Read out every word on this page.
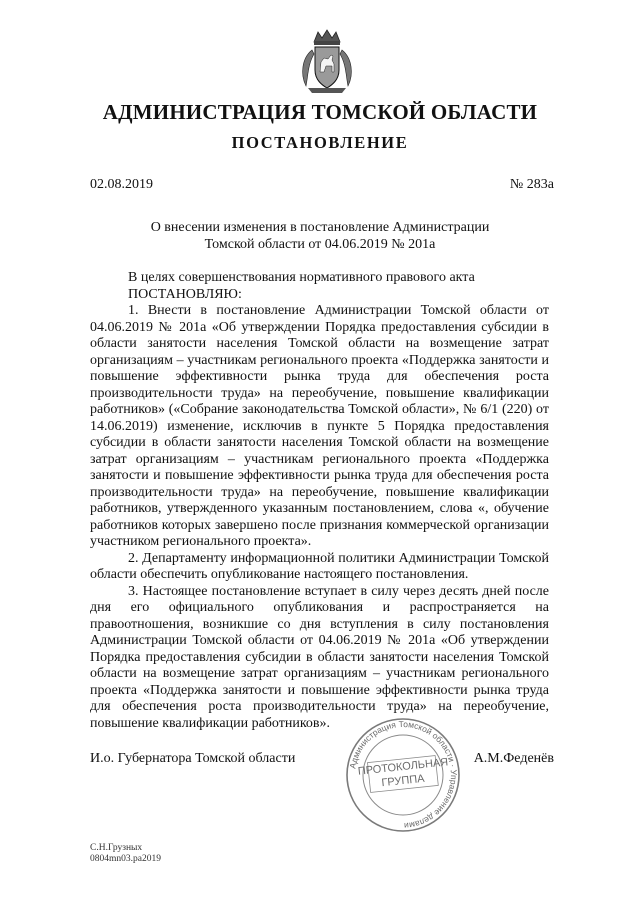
АДМИНИСТРАЦИЯ ТОМСКОЙ ОБЛАСТИ
ПОСТАНОВЛЕНИЕ
02.08.2019	№ 283а
О внесении изменения в постановление Администрации
Томской области от 04.06.2019 № 201а

В целях совершенствования нормативного правового акта

ПОСТАНОВЛЯЮ:

1. Внести в постановление Администрации Томской области от 04.06.2019 № 201а «Об утверждении Порядка предоставления субсидии в области занятости населения Томской области на возмещение затрат организациям – участникам регионального проекта «Поддержка занятости и повышение эффективности рынка труда для обеспечения роста производительности труда» на переобучение, повышение квалификации работников» («Собрание законодательства Томской области», № 6/1 (220) от 14.06.2019) изменение, исключив в пункте 5 Порядка предоставления субсидии в области занятости населения Томской области на возмещение затрат организациям – участникам регионального проекта «Поддержка занятости и повышение эффективности рынка труда для обеспечения роста производительности труда» на переобучение, повышение квалификации работников, утвержденного указанным постановлением, слова «, обучение работников которых завершено после признания коммерческой организации участником регионального проекта».

2. Департаменту информационной политики Администрации Томской области обеспечить опубликование настоящего постановления.

3. Настоящее постановление вступает в силу через десять дней после дня его официального опубликования и распространяется на правоотношения, возникшие со дня вступления в силу постановления Администрации Томской области от 04.06.2019 № 201а «Об утверждении Порядка предоставления субсидии в области занятости населения Томской области на возмещение затрат организациям – участникам регионального проекта «Поддержка занятости и повышение эффективности рынка труда для обеспечения роста производительности труда» на переобучение, повышение квалификации работников».

И.о. Губернатора Томской области	Администрация Томской области · Управление делами
ПРОТОКОЛЬНАЯ
ГРУППА
А.М.Феденёв
С.Н.Грузных
0804mn03.pa2019
